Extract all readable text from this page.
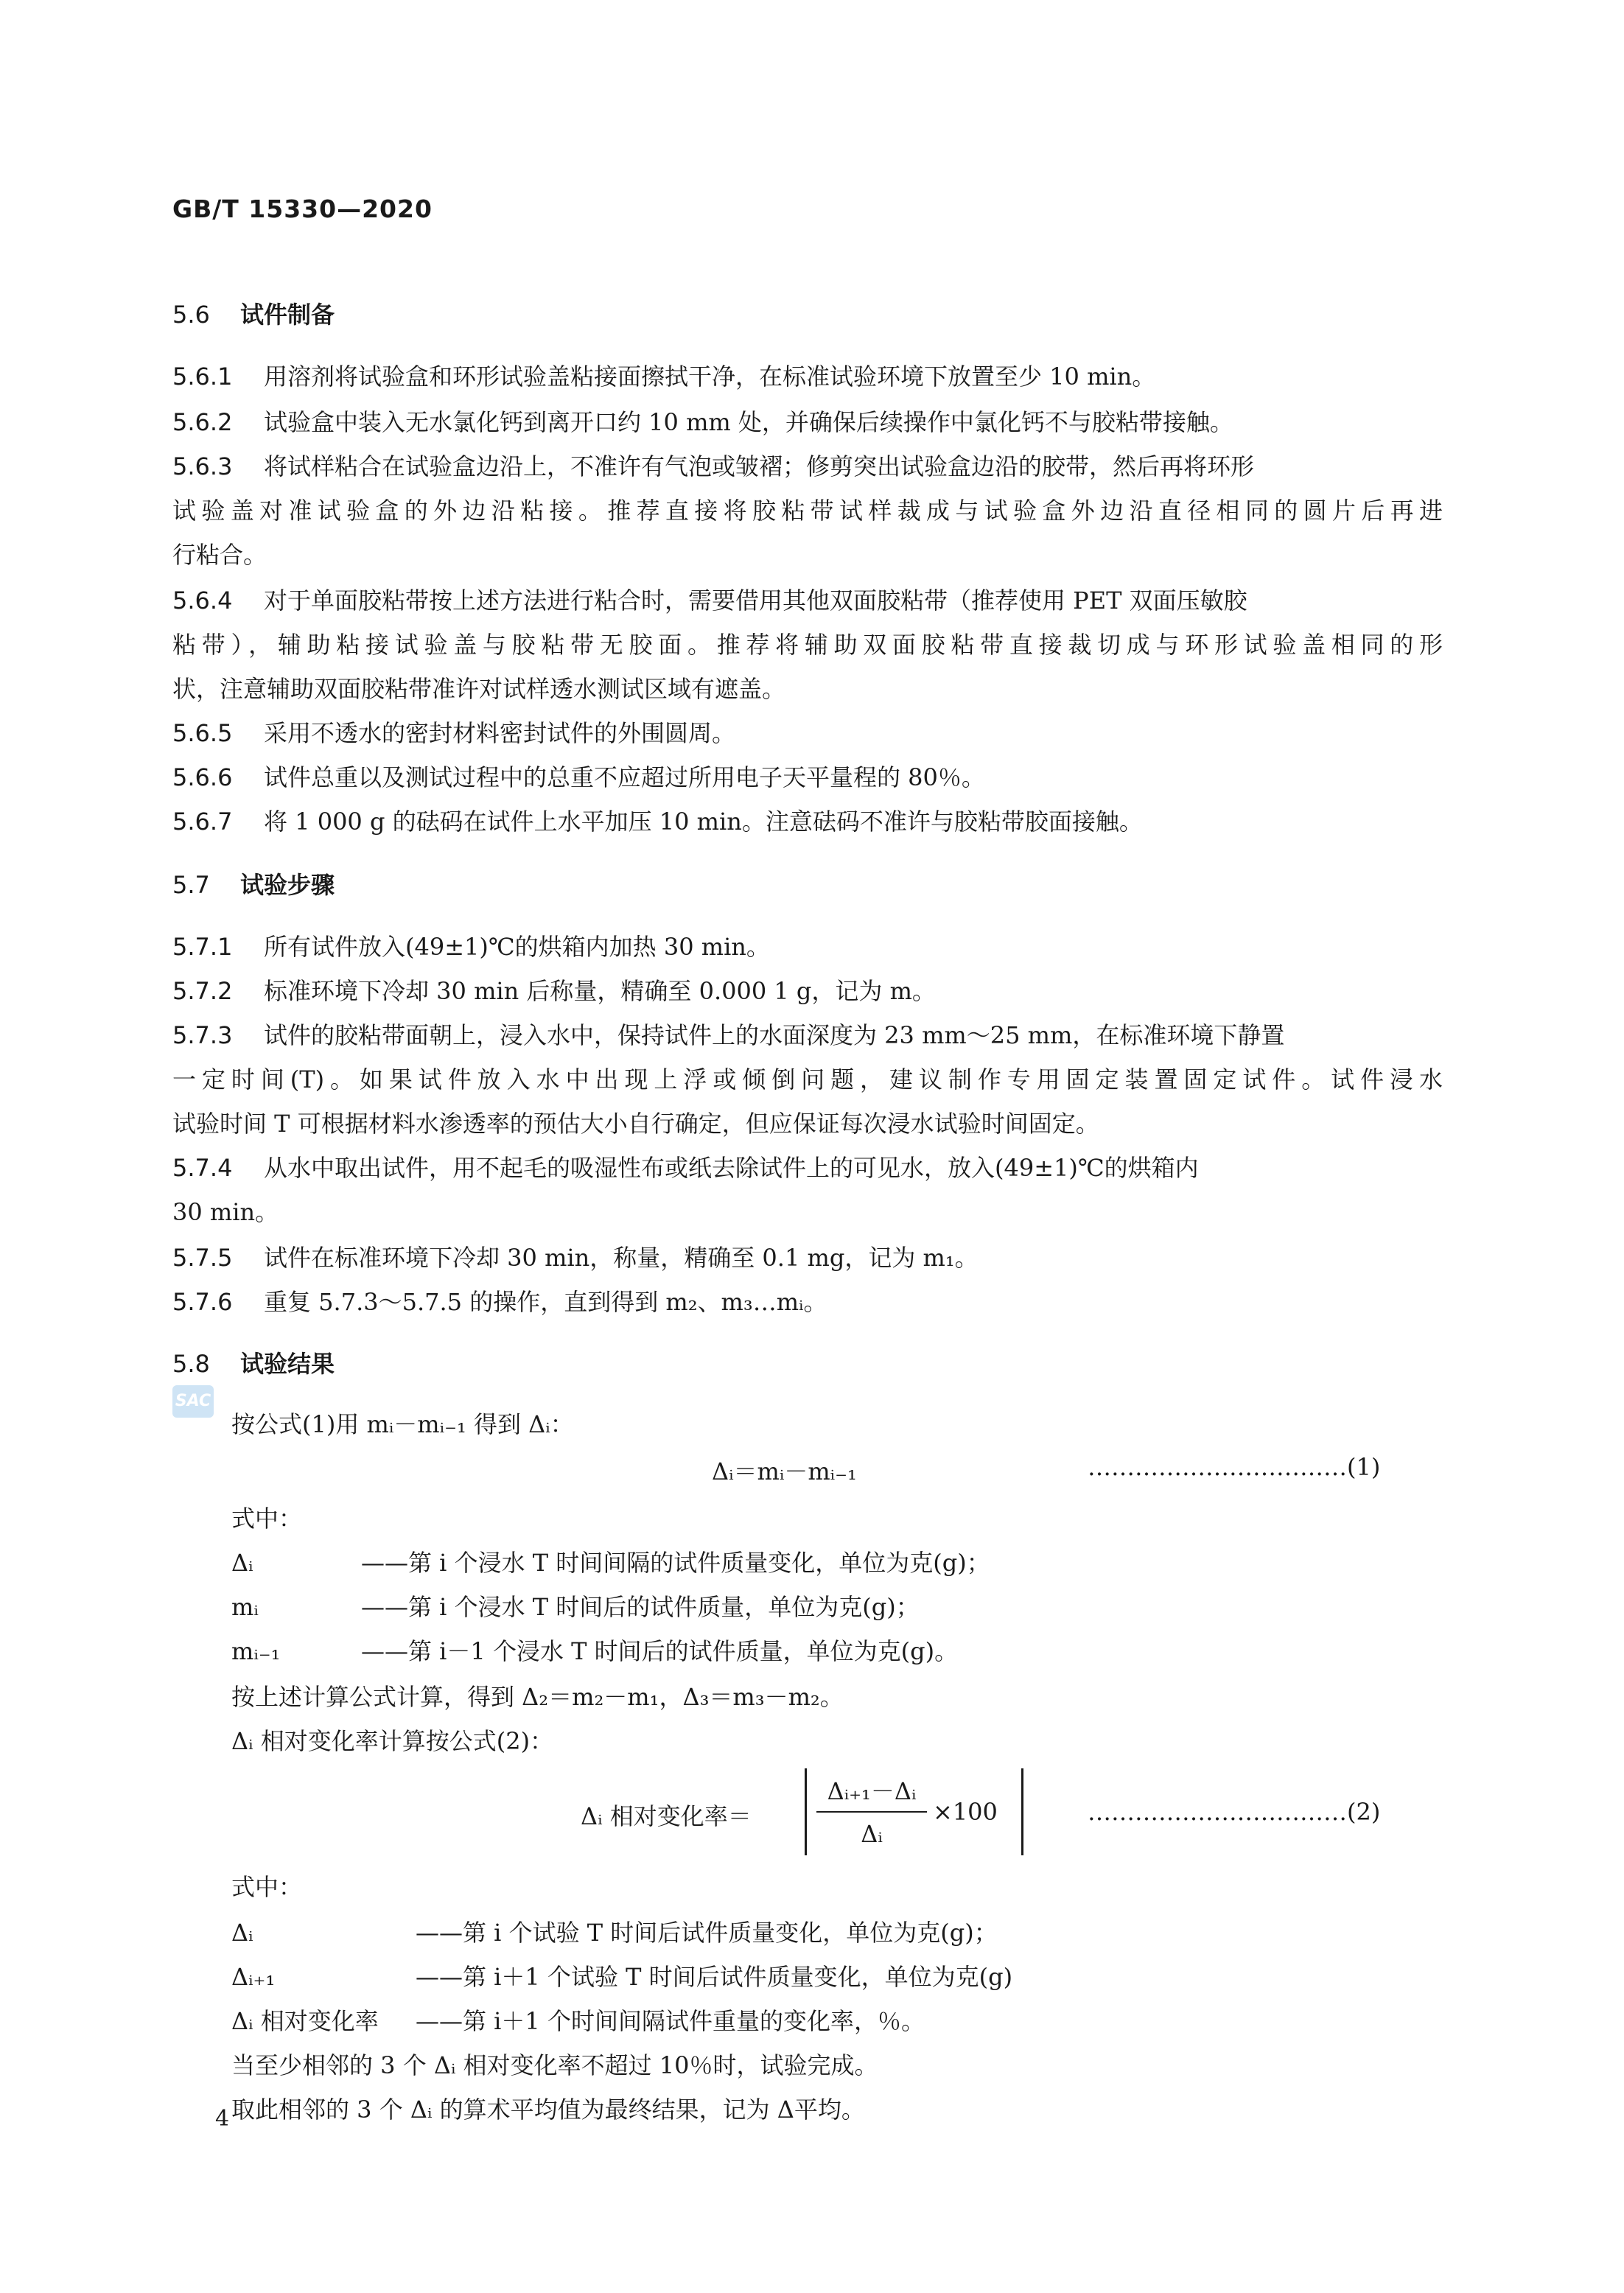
GB/T 15330—2020
5.6 试件制备
5.6.1 用溶剂将试验盒和环形试验盖粘接面擦拭干净，在标准试验环境下放置至少 10 min。
5.6.2 试验盒中装入无水氯化钙到离开口约 10 mm 处，并确保后续操作中氯化钙不与胶粘带接触。
5.6.3 将试样粘合在试验盒边沿上，不准许有气泡或皱褶；修剪突出试验盒边沿的胶带，然后再将环形
试验盖对准试验盒的外边沿粘接。推荐直接将胶粘带试样裁成与试验盒外边沿直径相同的圆片后再进
行粘合。
5.6.4 对于单面胶粘带按上述方法进行粘合时，需要借用其他双面胶粘带（推荐使用 PET 双面压敏胶
粘带），辅助粘接试验盖与胶粘带无胶面。推荐将辅助双面胶粘带直接裁切成与环形试验盖相同的形
状，注意辅助双面胶粘带准许对试样透水测试区域有遮盖。
5.6.5 采用不透水的密封材料密封试件的外围圆周。
5.6.6 试件总重以及测试过程中的总重不应超过所用电子天平量程的 80％。
5.6.7 将 1 000 g 的砝码在试件上水平加压 10 min。注意砝码不准许与胶粘带胶面接触。
5.7 试验步骤
5.7.1 所有试件放入(49±1)℃的烘箱内加热 30 min。
5.7.2 标准环境下冷却 30 min 后称量，精确至 0.000 1 g，记为 m。
5.7.3 试件的胶粘带面朝上，浸入水中，保持试件上的水面深度为 23 mm～25 mm，在标准环境下静置
一定时间(T)。如果试件放入水中出现上浮或倾倒问题，建议制作专用固定装置固定试件。试件浸水
试验时间 T 可根据材料水渗透率的预估大小自行确定，但应保证每次浸水试验时间固定。
5.7.4 从水中取出试件，用不起毛的吸湿性布或纸去除试件上的可见水，放入(49±1)℃的烘箱内
30 min。
5.7.5 试件在标准环境下冷却 30 min，称量，精确至 0.1 mg，记为 m₁。
5.7.6 重复 5.7.3～5.7.5 的操作，直到得到 m₂、m₃…mᵢ。
5.8 试验结果
SAC
按公式(1)用 mᵢ－mᵢ₋₁ 得到 Δᵢ：
Δᵢ＝mᵢ－mᵢ₋₁	……………………………(1)
式中：
Δᵢ	——第 i 个浸水 T 时间间隔的试件质量变化，单位为克(g)；
mᵢ	——第 i 个浸水 T 时间后的试件质量，单位为克(g)；
mᵢ₋₁	——第 i－1 个浸水 T 时间后的试件质量，单位为克(g)。
按上述计算公式计算，得到 Δ₂＝m₂－m₁，Δ₃＝m₃－m₂。
Δᵢ 相对变化率计算按公式(2)：
Δᵢ 相对变化率＝
Δᵢ₊₁－Δᵢ
Δᵢ
×100	……………………………(2)
式中：
Δᵢ	——第 i 个试验 T 时间后试件质量变化，单位为克(g)；
Δᵢ₊₁	——第 i＋1 个试验 T 时间后试件质量变化，单位为克(g)
Δᵢ 相对变化率 ——第 i＋1 个时间间隔试件重量的变化率，％。
当至少相邻的 3 个 Δᵢ 相对变化率不超过 10％时，试验完成。
取此相邻的 3 个 Δᵢ 的算术平均值为最终结果，记为 Δ平均。
4
